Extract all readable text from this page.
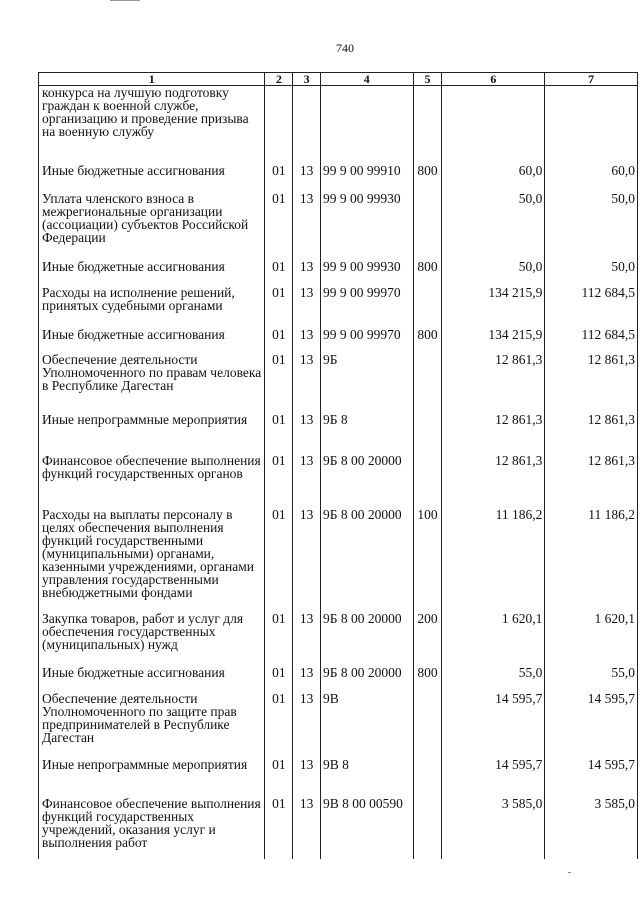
740
1	2	3	4	5	6	7
конкурса на лучшую подготовку граждан к военной службе, организацию и проведение призыва на военную службу						
Иные бюджетные ассигнования	01	13	99 9 00 99910	800	60,0	60,0
Уплата членского взноса в межрегиональные организации (ассоциации) субъектов Российской Федерации	01	13	99 9 00 99930		50,0	50,0
Иные бюджетные ассигнования	01	13	99 9 00 99930	800	50,0	50,0
Расходы на исполнение решений, принятых судебными органами	01	13	99 9 00 99970		134 215,9	112 684,5
Иные бюджетные ассигнования	01	13	99 9 00 99970	800	134 215,9	112 684,5
Обеспечение деятельности Уполномоченного по правам человека в Республике Дагестан	01	13	9Б		12 861,3	12 861,3
Иные непрограммные мероприятия	01	13	9Б 8		12 861,3	12 861,3
Финансовое обеспечение выполнения функций государственных органов	01	13	9Б 8 00 20000		12 861,3	12 861,3
Расходы на выплаты персоналу в целях обеспечения выполнения функций государственными (муниципальными) органами, казенными учреждениями, органами управления государственными внебюджетными фондами	01	13	9Б 8 00 20000	100	11 186,2	11 186,2
Закупка товаров, работ и услуг для обеспечения государственных (муниципальных) нужд	01	13	9Б 8 00 20000	200	1 620,1	1 620,1
Иные бюджетные ассигнования	01	13	9Б 8 00 20000	800	55,0	55,0
Обеспечение деятельности Уполномоченного по защите прав предпринимателей в Республике Дагестан	01	13	9В		14 595,7	14 595,7
Иные непрограммные мероприятия	01	13	9В 8		14 595,7	14 595,7
Финансовое обеспечение выполнения функций государственных учреждений, оказания услуг и выполнения работ	01	13	9В 8 00 00590		3 585,0	3 585,0
